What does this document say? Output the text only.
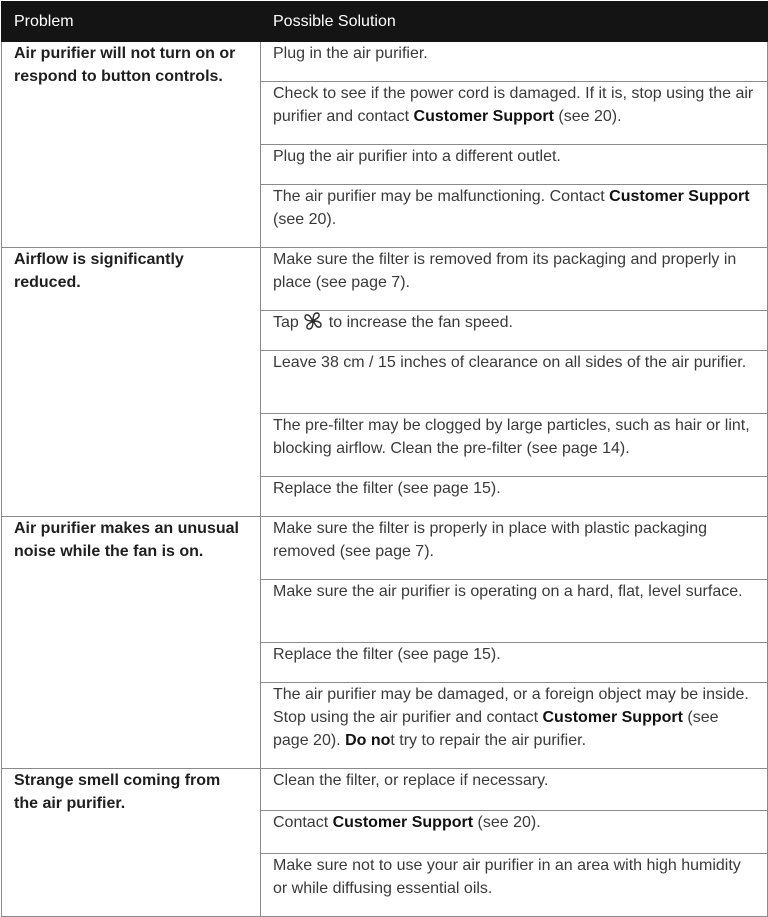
Problem	Possible Solution
Air purifier will not turn on or respond to button controls.	Plug in the air purifier.
	Check to see if the power cord is damaged. If it is, stop using the air purifier and contact Customer Support (see 20).
	Plug the air purifier into a different outlet.
	The air purifier may be malfunctioning. Contact Customer Support (see 20).
Airflow is significantly reduced.	Make sure the filter is removed from its packaging and properly in place (see page 7).
	Tap to increase the fan speed.
	Leave 38 cm / 15 inches of clearance on all sides of the air purifier.
	The pre-filter may be clogged by large particles, such as hair or lint, blocking airflow. Clean the pre-filter (see page 14).
	Replace the filter (see page 15).
Air purifier makes an unusual noise while the fan is on.	Make sure the filter is properly in place with plastic packaging removed (see page 7).
	Make sure the air purifier is operating on a hard, flat, level surface.
	Replace the filter (see page 15).
	The air purifier may be damaged, or a foreign object may be inside. Stop using the air purifier and contact Customer Support (see page 20). Do not try to repair the air purifier.
Strange smell coming from the air purifier.	Clean the filter, or replace if necessary.
	Contact Customer Support (see 20).
	Make sure not to use your air purifier in an area with high humidity or while diffusing essential oils.
